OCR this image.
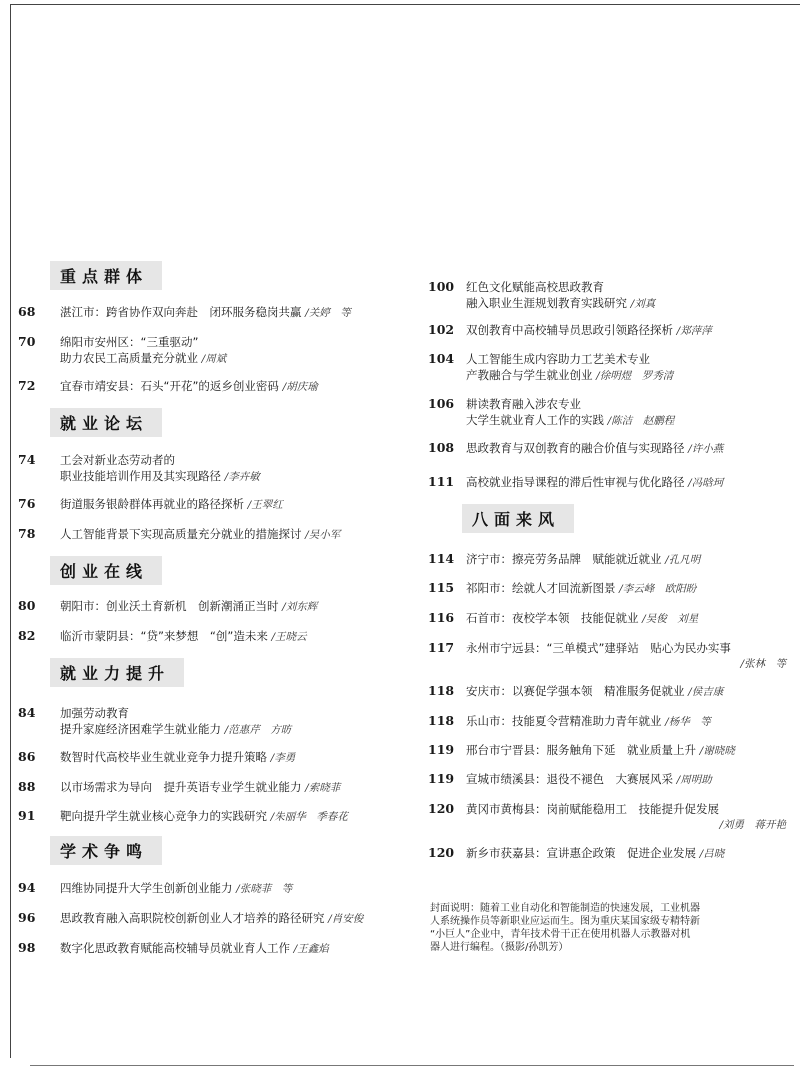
重点群体
68	湛江市：跨省协作双向奔赴　闭环服务稳岗共赢 /关婷　等
70	绵阳市安州区：“三重驱动”
助力农民工高质量充分就业 /周斌
72	宜春市靖安县：石头“开花”的返乡创业密码 /胡庆瑜
就业论坛
74	工会对新业态劳动者的
职业技能培训作用及其实现路径 /李卉敏
76	街道服务银龄群体再就业的路径探析 /王翠红
78	人工智能背景下实现高质量充分就业的措施探讨 /吴小军
创业在线
80	朝阳市：创业沃土育新机　创新潮涌正当时 /刘东辉
82	临沂市蒙阴县：“贷”来梦想　“创”造未来 /王晓云
就业力提升
84	加强劳动教育
提升家庭经济困难学生就业能力 /范惠芹　方昉
86	数智时代高校毕业生就业竞争力提升策略 /李勇
88	以市场需求为导向　提升英语专业学生就业能力 /索晓菲
91	靶向提升学生就业核心竞争力的实践研究 /朱丽华　季春花
学术争鸣
94	四维协同提升大学生创新创业能力 /张晓菲　等
96	思政教育融入高职院校创新创业人才培养的路径研究 /肖安俊
98	数字化思政教育赋能高校辅导员就业育人工作 /王鑫焰
100	红色文化赋能高校思政教育
融入职业生涯规划教育实践研究 /刘真
102	双创教育中高校辅导员思政引领路径探析 /郑萍萍
104	人工智能生成内容助力工艺美术专业
产教融合与学生就业创业 /徐明煜　罗秀清
106	耕读教育融入涉农专业
大学生就业育人工作的实践 /陈洁　赵鹏程
108	思政教育与双创教育的融合价值与实现路径 /许小燕
111	高校就业指导课程的滞后性审视与优化路径 /冯晗珂
八面来风
114	济宁市：擦亮劳务品牌　赋能就近就业 /孔凡明
115	祁阳市：绘就人才回流新图景 /李云峰　欧阳盼
116	石首市：夜校学本领　技能促就业 /吴俊　刘星
117	永州市宁远县：“三单模式”建驿站　贴心为民办实事
/张林　等
118	安庆市：以赛促学强本领　精准服务促就业 /侯吉康
118	乐山市：技能夏令营精准助力青年就业 /杨华　等
119	邢台市宁晋县：服务触角下延　就业质量上升 /谢晓晓
119	宣城市绩溪县：退役不褪色　大赛展风采 /周明助
120	黄冈市黄梅县：岗前赋能稳用工　技能提升促发展
/刘勇　蒋开艳
120	新乡市获嘉县：宣讲惠企政策　促进企业发展 /吕晓
封面说明：随着工业自动化和智能制造的快速发展，工业机器
人系统操作员等新职业应运而生。图为重庆某国家级专精特新
“小巨人”企业中，青年技术骨干正在使用机器人示教器对机
器人进行编程。（摄影/孙凯芳）
